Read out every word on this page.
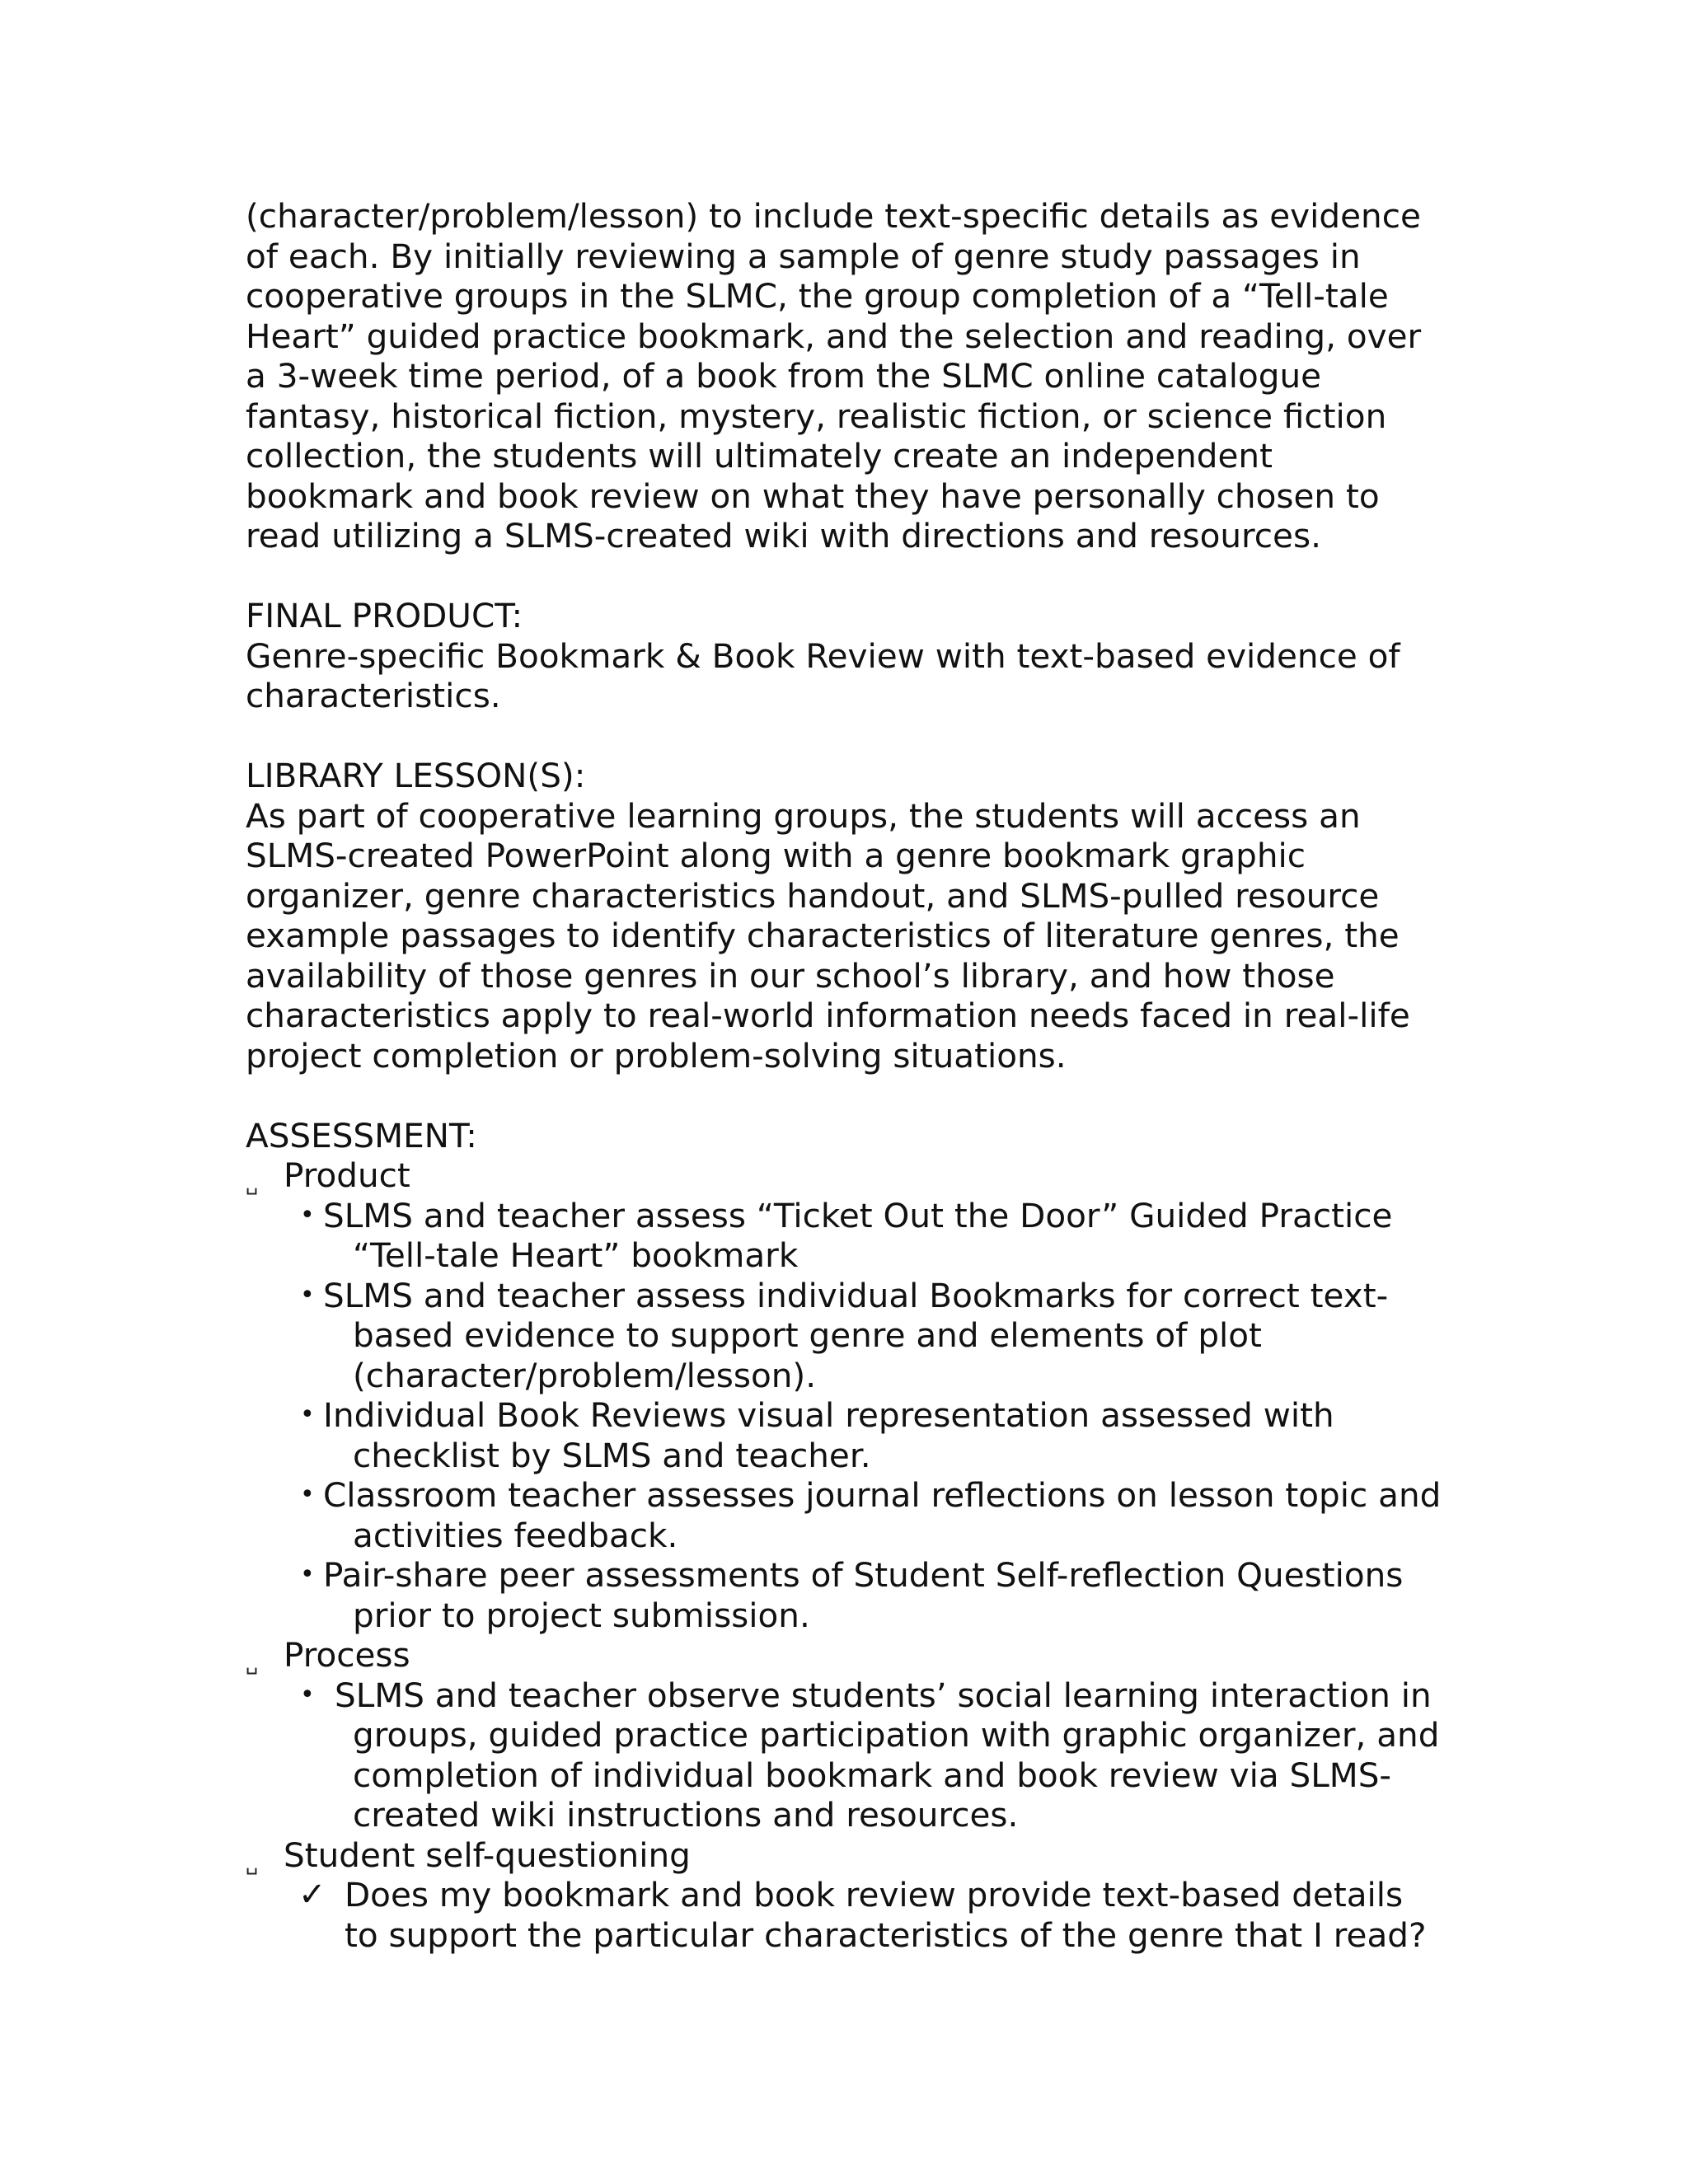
(character/problem/lesson) to include text-specific details as evidence
of each. By initially reviewing a sample of genre study passages in
cooperative groups in the SLMC, the group completion of a “Tell-tale
Heart” guided practice bookmark, and the selection and reading, over
a 3-week time period, of a book from the SLMC online catalogue
fantasy, historical fiction, mystery, realistic fiction, or science fiction
collection, the students will ultimately create an independent
bookmark and book review on what they have personally chosen to
read utilizing a SLMS-created wiki with directions and resources.
FINAL PRODUCT:
Genre-specific Bookmark & Book Review with text-based evidence of
characteristics.
LIBRARY LESSON(S):
As part of cooperative learning groups, the students will access an
SLMS-created PowerPoint along with a genre bookmark graphic
organizer, genre characteristics handout, and SLMS-pulled resource
example passages to identify characteristics of literature genres, the
availability of those genres in our school’s library, and how those
characteristics apply to real-world information needs faced in real-life
project completion or problem-solving situations.
ASSESSMENT:
␣ Product
• SLMS and teacher assess “Ticket Out the Door” Guided Practice
“Tell-tale Heart” bookmark
• SLMS and teacher assess individual Bookmarks for correct text-
based evidence to support genre and elements of plot
(character/problem/lesson).
• Individual Book Reviews visual representation assessed with
checklist by SLMS and teacher.
• Classroom teacher assesses journal reflections on lesson topic and
activities feedback.
• Pair-share peer assessments of Student Self-reflection Questions
prior to project submission.
␣ Process
• SLMS and teacher observe students’ social learning interaction in
groups, guided practice participation with graphic organizer, and
completion of individual bookmark and book review via SLMS-
created wiki instructions and resources.
␣ Student self-questioning
✓ Does my bookmark and book review provide text-based details
to support the particular characteristics of the genre that I read?
